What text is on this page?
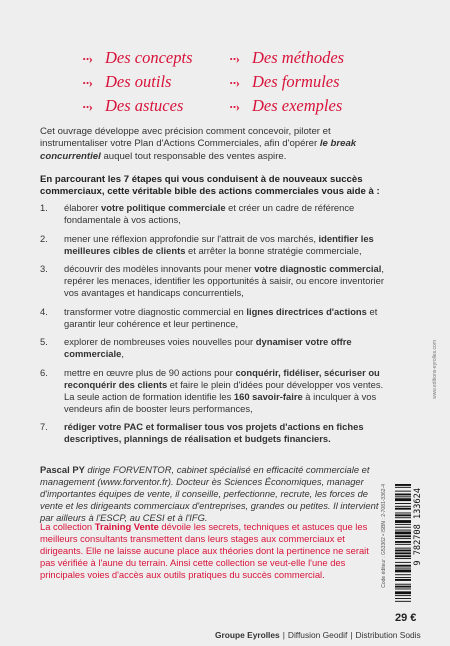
··› Des concepts	··› Des méthodes
··› Des outils	··› Des formules
··› Des astuces	··› Des exemples

Cet ouvrage développe avec précision comment concevoir, piloter et instrumentaliser votre Plan d'Actions Commerciales, afin d'opérer le break concurrentiel auquel tout responsable des ventes aspire.

En parcourant les 7 étapes qui vous conduisent à de nouveaux succès commerciaux, cette véritable bible des actions commerciales vous aide à :

1. élaborer votre politique commerciale et créer un cadre de référence fondamentale à vos actions,
2. mener une réflexion approfondie sur l'attrait de vos marchés, identifier les meilleures cibles de clients et arrêter la bonne stratégie commerciale,
3. découvrir des modèles innovants pour mener votre diagnostic commercial, repérer les menaces, identifier les opportunités à saisir, ou encore inventorier vos avantages et handicaps concurrentiels,
4. transformer votre diagnostic commercial en lignes directrices d'actions et garantir leur cohérence et leur pertinence,
5. explorer de nombreuses voies nouvelles pour dynamiser votre offre commerciale,
6. mettre en œuvre plus de 90 actions pour conquérir, fidéliser, sécuriser ou reconquérir des clients et faire le plein d'idées pour développer vos ventes. La seule action de formation identifie les 160 savoir-faire à inculquer à vos vendeurs afin de booster leurs performances,
7. rédiger votre PAC et formaliser tous vos projets d'actions en fiches descriptives, plannings de réalisation et budgets financiers.

Pascal PY dirige FORVENTOR, cabinet spécialisé en efficacité commerciale et management (www.forventor.fr). Docteur ès Sciences Économiques, manager d'importantes équipes de vente, il conseille, perfectionne, recrute, les forces de vente et les dirigeants commerciaux d'entreprises, grandes ou petites. Il intervient par ailleurs à l'ESCP, au CESI et à l'IFG.

La collection Training Vente dévoile les secrets, techniques et astuces que les meilleurs consultants transmettent dans leurs stages aux commerciaux et dirigeants. Elle ne laisse aucune place aux théories dont la pertinence ne serait pas vérifiée à l'aune du terrain. Ainsi cette collection se veut-elle l'une des principales voies d'accès aux outils pratiques du succès commercial.

www.editions-eyrolles.com
Code éditeur : G53362 • ISBN : 2-7081-3362-4	9 782708 133624
29 €
Groupe Eyrolles | Diffusion Geodif | Distribution Sodis
